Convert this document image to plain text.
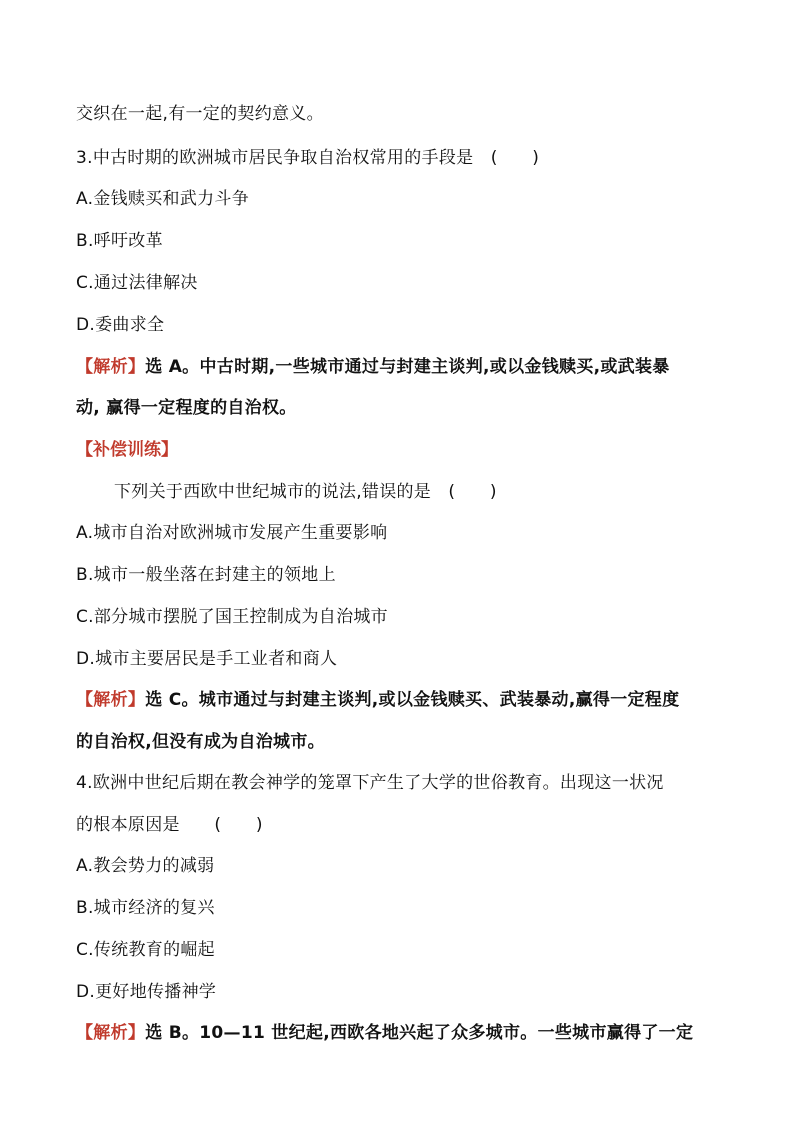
交织在一起,有一定的契约意义。
3.中古时期的欧洲城市居民争取自治权常用的手段是　(　　)
A.金钱赎买和武力斗争
B.呼吁改革
C.通过法律解决
D.委曲求全
【解析】选 A。中古时期,一些城市通过与封建主谈判,或以金钱赎买,或武装暴
动, 赢得一定程度的自治权。
【补偿训练】
下列关于西欧中世纪城市的说法,错误的是　(　　)
A.城市自治对欧洲城市发展产生重要影响
B.城市一般坐落在封建主的领地上
C.部分城市摆脱了国王控制成为自治城市
D.城市主要居民是手工业者和商人
【解析】选 C。城市通过与封建主谈判,或以金钱赎买、武装暴动,赢得一定程度
的自治权,但没有成为自治城市。
4.欧洲中世纪后期在教会神学的笼罩下产生了大学的世俗教育。出现这一状况
的根本原因是　　(　　)
A.教会势力的减弱
B.城市经济的复兴
C.传统教育的崛起
D.更好地传播神学
【解析】选 B。10—11 世纪起,西欧各地兴起了众多城市。一些城市赢得了一定
